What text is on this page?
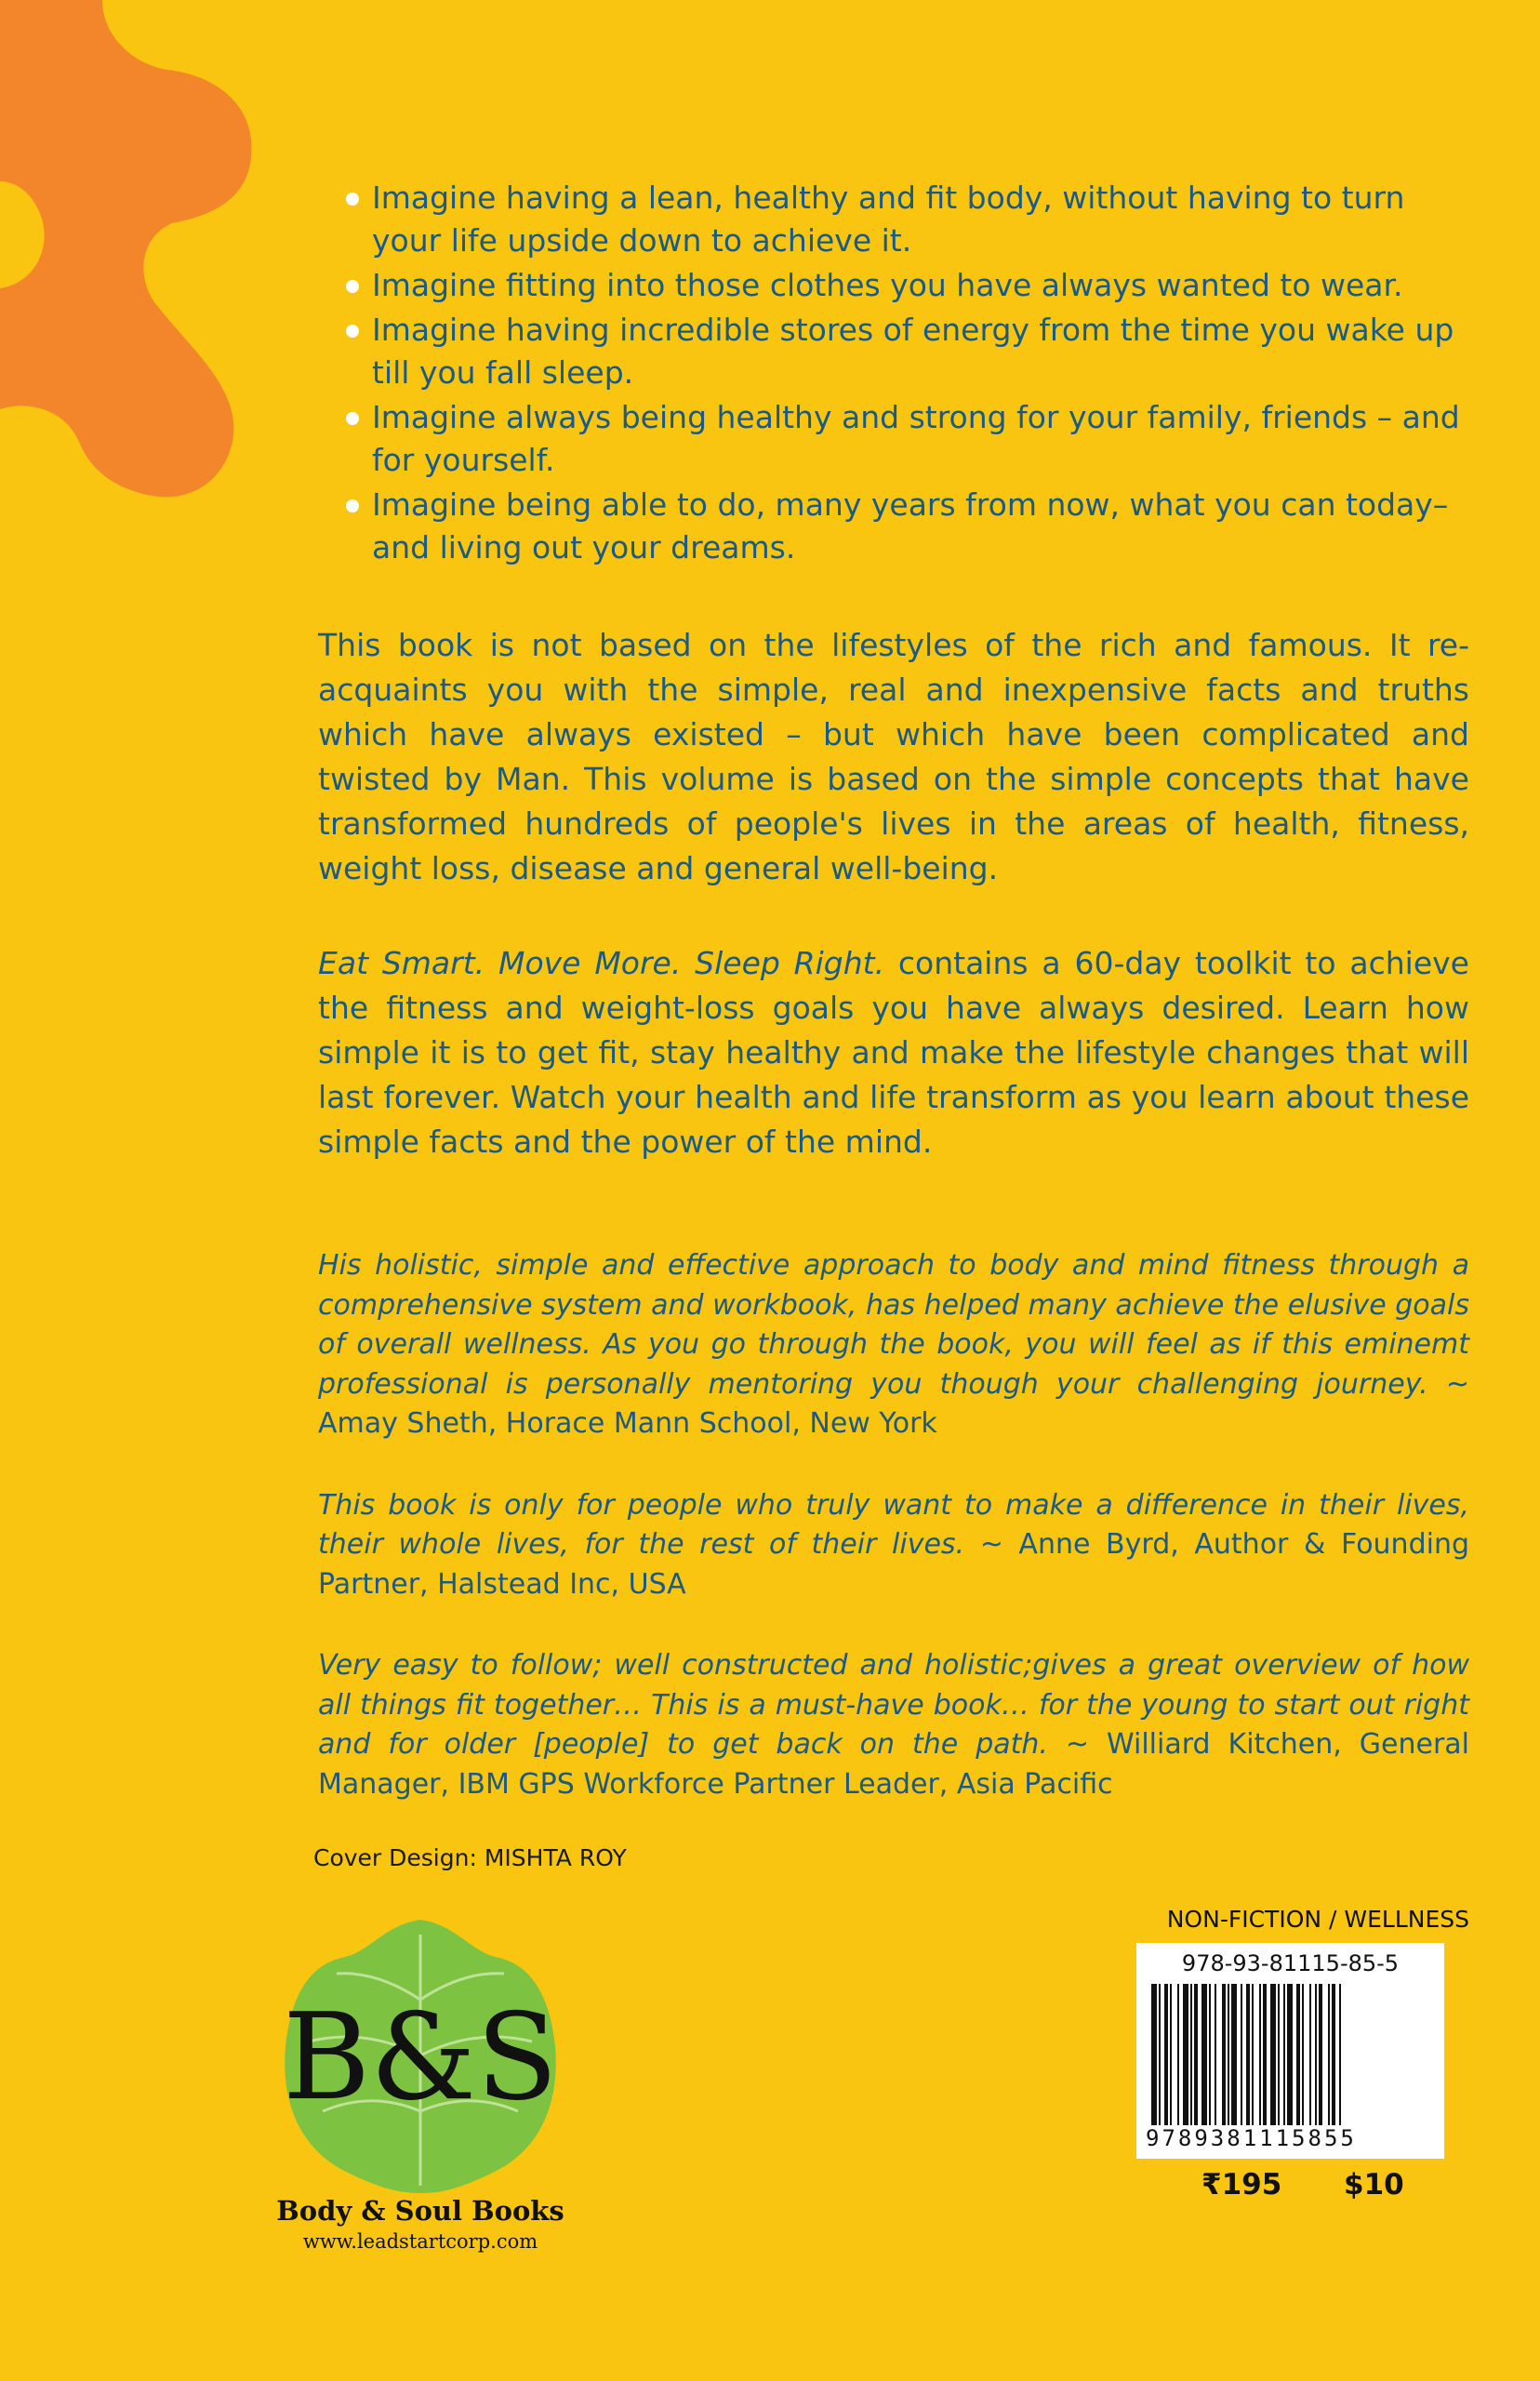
Imagine having a lean, healthy and fit body, without having to turn your life upside down to achieve it.
Imagine fitting into those clothes you have always wanted to wear.
Imagine having incredible stores of energy from the time you wake up till you fall sleep.
Imagine always being healthy and strong for your family, friends – and for yourself.
Imagine being able to do, many years from now, what you can today– and living out your dreams.

This book is not based on the lifestyles of the rich and famous. It re-acquaints you with the simple, real and inexpensive facts and truths which have always existed – but which have been complicated and twisted by Man. This volume is based on the simple concepts that have transformed hundreds of people's lives in the areas of health, fitness, weight loss, disease and general well-being.

Eat Smart. Move More. Sleep Right. contains a 60-day toolkit to achieve the fitness and weight-loss goals you have always desired. Learn how simple it is to get fit, stay healthy and make the lifestyle changes that will last forever. Watch your health and life transform as you learn about these simple facts and the power of the mind.

His holistic, simple and effective approach to body and mind fitness through a comprehensive system and workbook, has helped many achieve the elusive goals of overall wellness. As you go through the book, you will feel as if this eminemt professional is personally mentoring you though your challenging journey. ~ Amay Sheth, Horace Mann School, New York

This book is only for people who truly want to make a difference in their lives, their whole lives, for the rest of their lives. ~ Anne Byrd, Author & Founding Partner, Halstead Inc, USA

Very easy to follow; well constructed and holistic;gives a great overview of how all things fit together… This is a must-have book… for the young to start out right and for older [people] to get back on the path. ~ Williard Kitchen, General Manager, IBM GPS Workforce Partner Leader, Asia Pacific

Cover Design: MISHTA ROY
B&S
Body & Soul Books
www.leadstartcorp.com
NON-FICTION / WELLNESS
978-93-81115-85-5
9789381115855
₹195 $10
